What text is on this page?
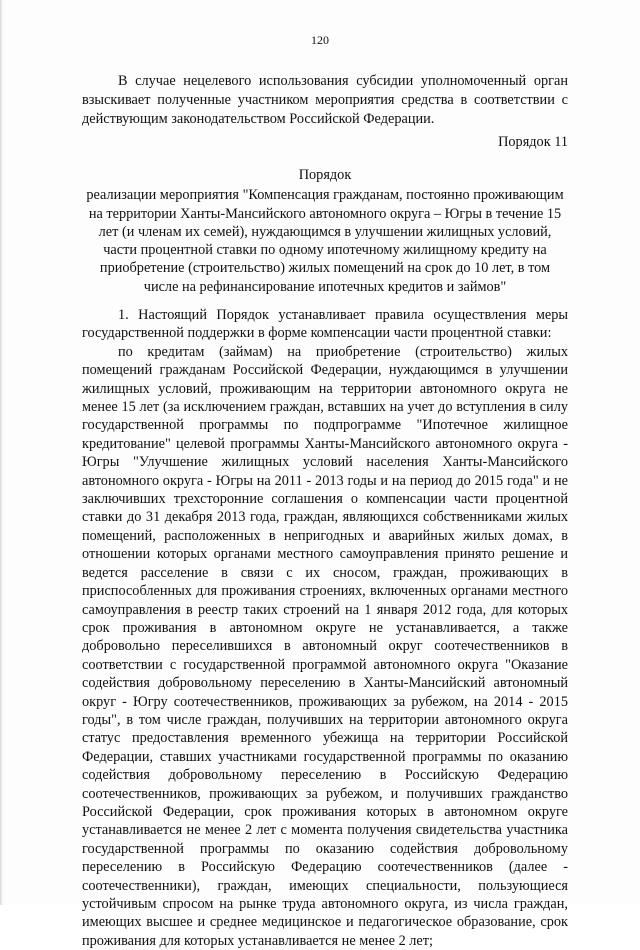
120

В случае нецелевого использования субсидии уполномоченный орган взыскивает полученные участником мероприятия средства в соответствии с действующим законодательством Российской Федерации.

Порядок 11
Порядок
реализации мероприятия "Компенсация гражданам, постоянно проживающим на территории Ханты-Мансийского автономного округа – Югры в течение 15 лет (и членам их семей), нуждающимся в улучшении жилищных условий, части процентной ставки по одному ипотечному жилищному кредиту на приобретение (строительство) жилых помещений на срок до 10 лет, в том числе на рефинансирование ипотечных кредитов и займов"

1. Настоящий Порядок устанавливает правила осуществления меры государственной поддержки в форме компенсации части процентной ставки:

по кредитам (займам) на приобретение (строительство) жилых помещений гражданам Российской Федерации, нуждающимся в улучшении жилищных условий, проживающим на территории автономного округа не менее 15 лет (за исключением граждан, вставших на учет до вступления в силу государственной программы по подпрограмме "Ипотечное жилищное кредитование" целевой программы Ханты-Мансийского автономного округа - Югры "Улучшение жилищных условий населения Ханты-Мансийского автономного округа - Югры на 2011 - 2013 годы и на период до 2015 года" и не заключивших трехсторонние соглашения о компенсации части процентной ставки до 31 декабря 2013 года, граждан, являющихся собственниками жилых помещений, расположенных в непригодных и аварийных жилых домах, в отношении которых органами местного самоуправления принято решение и ведется расселение в связи с их сносом, граждан, проживающих в приспособленных для проживания строениях, включенных органами местного самоуправления в реестр таких строений на 1 января 2012 года, для которых срок проживания в автономном округе не устанавливается, а также добровольно переселившихся в автономный округ соотечественников в соответствии с государственной программой автономного округа "Оказание содействия добровольному переселению в Ханты-Мансийский автономный округ - Югру соотечественников, проживающих за рубежом, на 2014 - 2015 годы", в том числе граждан, получивших на территории автономного округа статус предоставления временного убежища на территории Российской Федерации, ставших участниками государственной программы по оказанию содействия добровольному переселению в Российскую Федерацию соотечественников, проживающих за рубежом, и получивших гражданство Российской Федерации, срок проживания которых в автономном округе устанавливается не менее 2 лет с момента получения свидетельства участника государственной программы по оказанию содействия добровольному переселению в Российскую Федерацию соотечественников (далее - соотечественники), граждан, имеющих специальности, пользующиеся устойчивым спросом на рынке труда автономного округа, из числа граждан, имеющих высшее и среднее медицинское и педагогическое образование, срок проживания для которых устанавливается не менее 2 лет;
